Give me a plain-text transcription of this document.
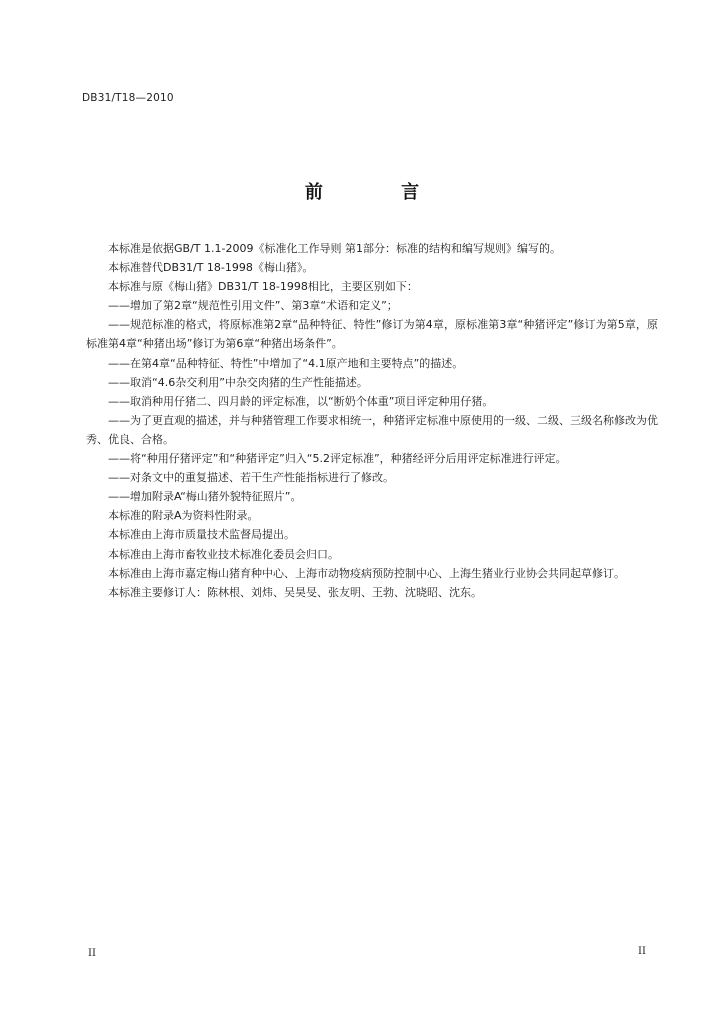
DB31/T18—2010
前 言

本标准是依据GB/T 1.1-2009《标准化工作导则 第1部分：标准的结构和编写规则》编写的。

本标准替代DB31/T 18-1998《梅山猪》。

本标准与原《梅山猪》DB31/T 18-1998相比，主要区别如下：

——增加了第2章“规范性引用文件”、第3章“术语和定义”；

——规范标准的格式，将原标准第2章“品种特征、特性”修订为第4章，原标准第3章“种猪评定”修订为第5章，原标准第4章“种猪出场”修订为第6章“种猪出场条件”。

——在第4章“品种特征、特性”中增加了“4.1原产地和主要特点”的描述。

——取消“4.6杂交利用”中杂交肉猪的生产性能描述。

——取消种用仔猪二、四月龄的评定标准，以“断奶个体重”项目评定种用仔猪。

——为了更直观的描述，并与种猪管理工作要求相统一，种猪评定标准中原使用的一级、二级、三级名称修改为优秀、优良、合格。

——将“种用仔猪评定”和“种猪评定”归入“5.2评定标准”，种猪经评分后用评定标准进行评定。

——对条文中的重复描述、若干生产性能指标进行了修改。

——增加附录A“梅山猪外貌特征照片”。

本标准的附录A为资料性附录。

本标准由上海市质量技术监督局提出。

本标准由上海市畜牧业技术标准化委员会归口。

本标准由上海市嘉定梅山猪育种中心、上海市动物疫病预防控制中心、上海生猪业行业协会共同起草修订。

本标准主要修订人：陈林根、刘炜、吴昊旻、张友明、王勃、沈晓昭、沈东。

II	II
